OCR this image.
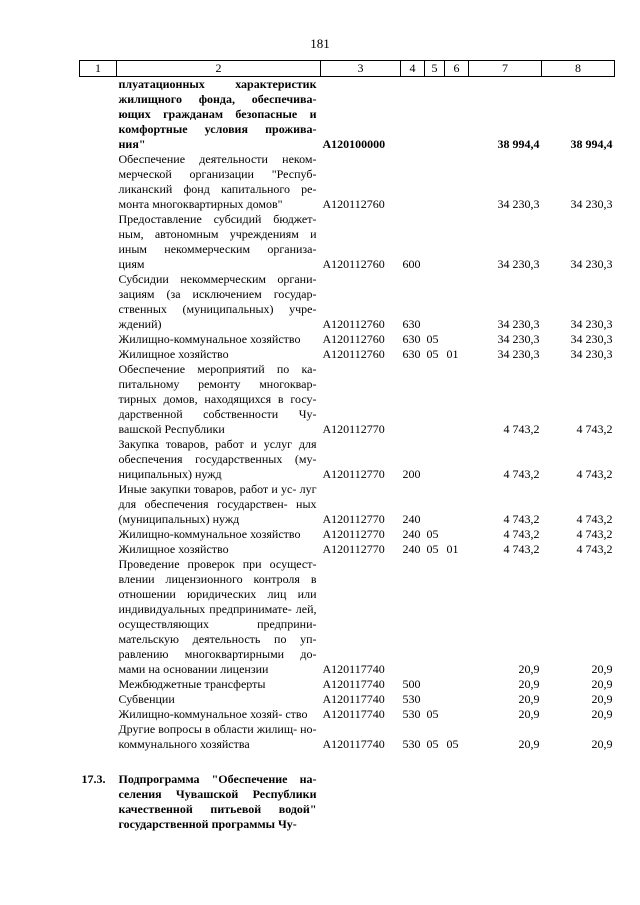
181
1	2	3	4	5	6	7	8
	плуатационных характеристик жилищного фонда, обеспечива- ющих гражданам безопасные и комфортные условия прожива- ния"	А120100000				38 994,4	38 994,4
	Обеспечение деятельности неком- мерческой организации "Респуб- ликанский фонд капитального ре- монта многоквартирных домов"	А120112760				34 230,3	34 230,3
	Предоставление субсидий бюджет- ным, автономным учреждениям и иным некоммерческим организа- циям	А120112760	600			34 230,3	34 230,3
	Субсидии некоммерческим органи- зациям (за исключением государ- ственных (муниципальных) учре- ждений)	А120112760	630			34 230,3	34 230,3
	Жилищно-коммунальное хозяйство	А120112760	630	05		34 230,3	34 230,3
	Жилищное хозяйство	А120112760	630	05	01	34 230,3	34 230,3
	Обеспечение мероприятий по ка- питальному ремонту многоквар- тирных домов, находящихся в госу- дарственной собственности Чу- вашской Республики	А120112770				4 743,2	4 743,2
	Закупка товаров, работ и услуг для обеспечения государственных (му- ниципальных) нужд	А120112770	200			4 743,2	4 743,2
	Иные закупки товаров, работ и ус- луг для обеспечения государствен- ных (муниципальных) нужд	А120112770	240			4 743,2	4 743,2
	Жилищно-коммунальное хозяйство	А120112770	240	05		4 743,2	4 743,2
	Жилищное хозяйство	А120112770	240	05	01	4 743,2	4 743,2
	Проведение проверок при осущест- влении лицензионного контроля в отношении юридических лиц или индивидуальных предпринимате- лей, осуществляющих предприни- мательскую деятельность по уп- равлению многоквартирными до- мами на основании лицензии	А120117740				20,9	20,9
	Межбюджетные трансферты	А120117740	500			20,9	20,9
	Субвенции	А120117740	530			20,9	20,9
	Жилищно-коммунальное хозяй- ство	А120117740	530	05		20,9	20,9
	Другие вопросы в области жилищ- но-коммунального хозяйства	А120117740	530	05	05	20,9	20,9

17.3.	Подпрограмма "Обеспечение на- селения Чувашской Республики качественной питьевой водой" государственной программы Чу-						
